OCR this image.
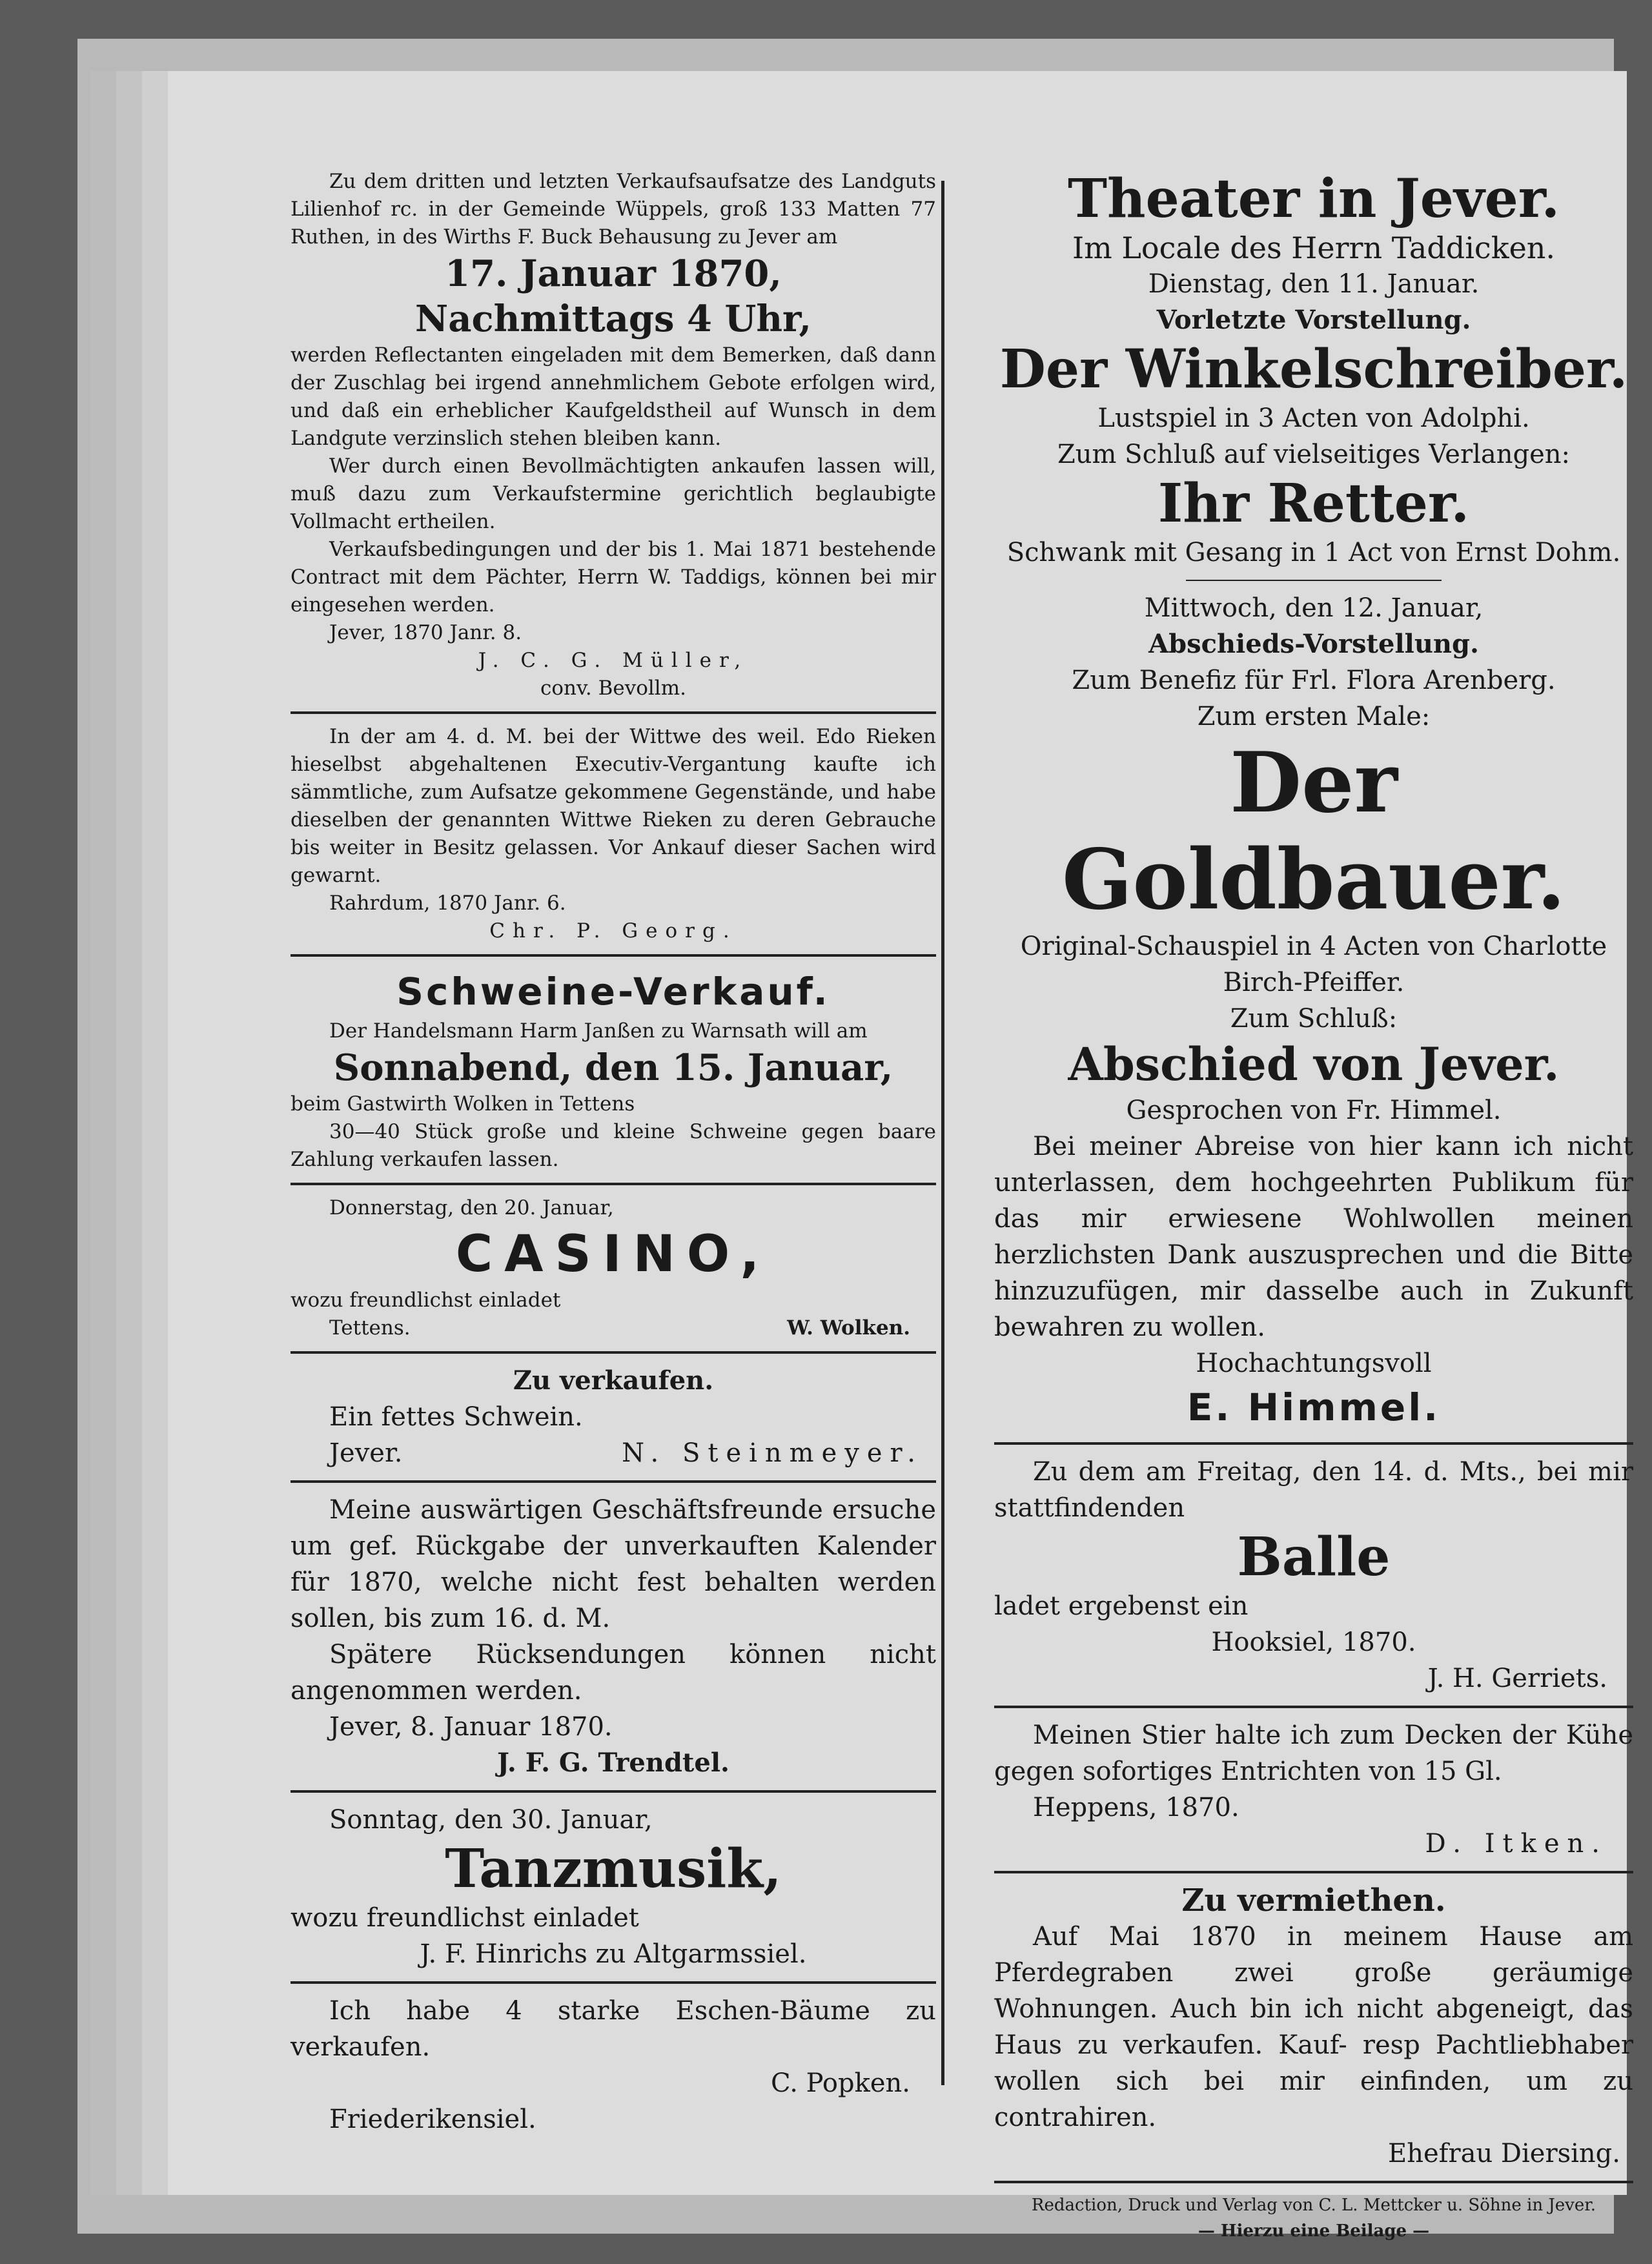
Zu dem dritten und letzten Verkaufsaufsatze des Landguts Lilienhof rc. in der Gemeinde Wüppels, groß 133 Matten 77 Ruthen, in des Wirths F. Buck Behausung zu Jever am

17. Januar 1870,

Nachmittags 4 Uhr,

werden Reflectanten eingeladen mit dem Bemerken, daß dann der Zuschlag bei irgend annehmlichem Gebote erfolgen wird, und daß ein erheblicher Kaufgeldstheil auf Wunsch in dem Landgute verzinslich stehen bleiben kann.

Wer durch einen Bevollmächtigten ankaufen lassen will, muß dazu zum Verkaufstermine gerichtlich beglaubigte Vollmacht ertheilen.

Verkaufsbedingungen und der bis 1. Mai 1871 bestehende Contract mit dem Pächter, Herrn W. Taddigs, können bei mir eingesehen werden.

Jever, 1870 Janr. 8.

J. C. G. Müller,

conv. Bevollm.

In der am 4. d. M. bei der Wittwe des weil. Edo Rieken hieselbst abgehaltenen Executiv-Vergantung kaufte ich sämmtliche, zum Aufsatze gekommene Gegenstände, und habe dieselben der genannten Wittwe Rieken zu deren Gebrauche bis weiter in Besitz gelassen. Vor Ankauf dieser Sachen wird gewarnt.

Rahrdum, 1870 Janr. 6.

Chr. P. Georg.

Schweine-Verkauf.

Der Handelsmann Harm Janßen zu Warnsath will am

Sonnabend, den 15. Januar,

beim Gastwirth Wolken in Tettens

30—40 Stück große und kleine Schweine gegen baare Zahlung verkaufen lassen.

Donnerstag, den 20. Januar,

CASINO,

wozu freundlichst einladet

Tettens.	W. Wolken.

Zu verkaufen.

Ein fettes Schwein.

Jever.	N. Steinmeyer.

Meine auswärtigen Geschäftsfreunde ersuche um gef. Rückgabe der unverkauften Kalender für 1870, welche nicht fest behalten werden sollen, bis zum 16. d. M.

Spätere Rücksendungen können nicht angenommen werden.

Jever, 8. Januar 1870.

J. F. G. Trendtel.

Sonntag, den 30. Januar,

Tanzmusik,

wozu freundlichst einladet

J. F. Hinrichs zu Altgarmssiel.

Ich habe 4 starke Eschen-Bäume zu verkaufen.

C. Popken.

Friederikensiel.

Theater in Jever.

Im Locale des Herrn Taddicken.

Dienstag, den 11. Januar.

Vorletzte Vorstellung.

Der Winkelschreiber.

Lustspiel in 3 Acten von Adolphi.

Zum Schluß auf vielseitiges Verlangen:

Ihr Retter.

Schwank mit Gesang in 1 Act von Ernst Dohm.

Mittwoch, den 12. Januar,

Abschieds-Vorstellung.

Zum Benefiz für Frl. Flora Arenberg.

Zum ersten Male:

Der Goldbauer.

Original-Schauspiel in 4 Acten von Charlotte Birch-Pfeiffer.

Zum Schluß:

Abschied von Jever.

Gesprochen von Fr. Himmel.

Bei meiner Abreise von hier kann ich nicht unterlassen, dem hochgeehrten Publikum für das mir erwiesene Wohlwollen meinen herzlichsten Dank auszusprechen und die Bitte hinzuzufügen, mir dasselbe auch in Zukunft bewahren zu wollen.

Hochachtungsvoll

E. Himmel.

Zu dem am Freitag, den 14. d. Mts., bei mir stattfindenden

Balle

ladet ergebenst ein

Hooksiel, 1870.

J. H. Gerriets.

Meinen Stier halte ich zum Decken der Kühe gegen sofortiges Entrichten von 15 Gl.

Heppens, 1870.

D. Itken.

Zu vermiethen.

Auf Mai 1870 in meinem Hause am Pferdegraben zwei große geräumige Wohnungen. Auch bin ich nicht abgeneigt, das Haus zu verkaufen. Kauf- resp Pachtliebhaber wollen sich bei mir einfinden, um zu contrahiren.

Ehefrau Diersing.

Redaction, Druck und Verlag von C. L. Mettcker u. Söhne in Jever.

— Hierzu eine Beilage —
